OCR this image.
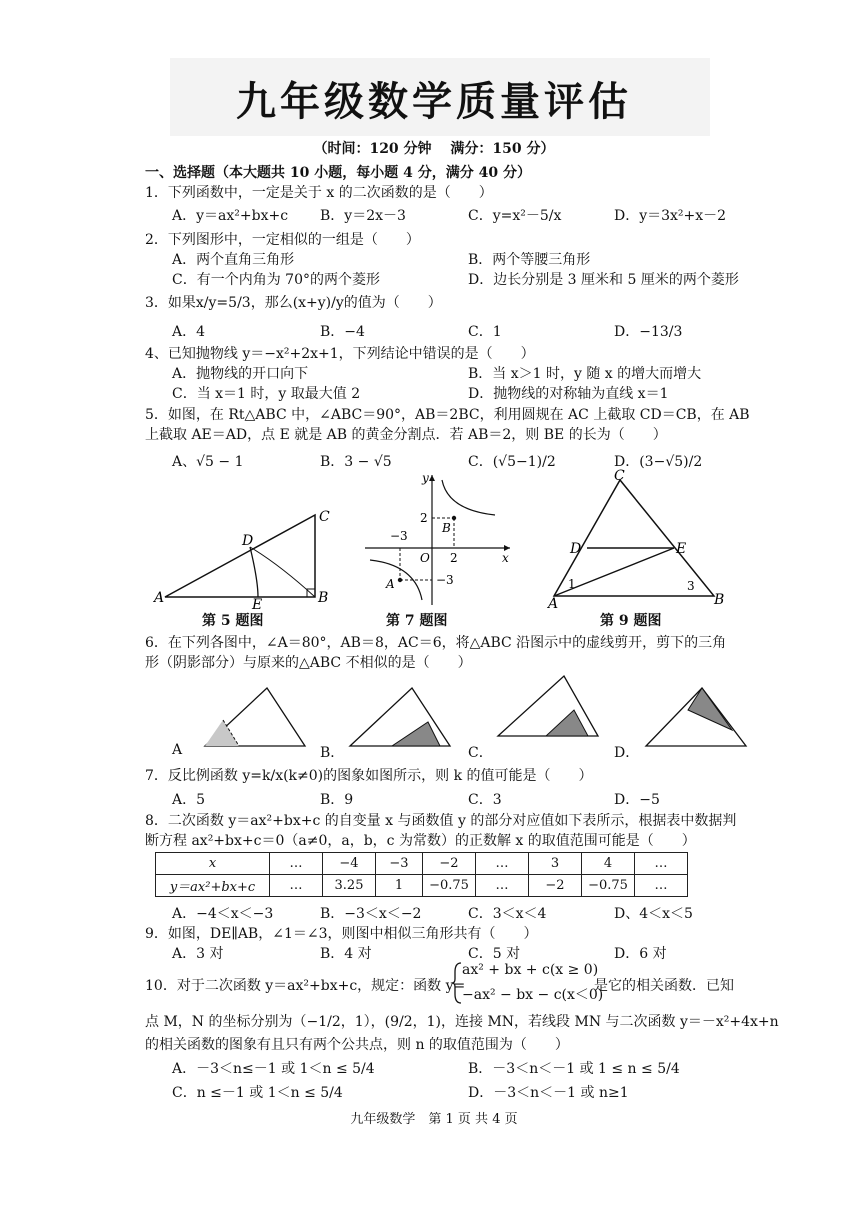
九年级数学质量评估
（时间：120 分钟　 满分：150 分）
一、选择题（本大题共 10 小题，每小题 4 分，满分 40 分）
1．下列函数中，一定是关于 x 的二次函数的是（　　）
A．y＝ax²+bx+c B．y＝2x－3	C．y=x²－5/x	D．y＝3x²+x－2
2．下列图形中，一定相似的一组是（　　）
A．两个直角三角形	B．两个等腰三角形
C．有一个内角为 70°的两个菱形	D．边长分别是 3 厘米和 5 厘米的两个菱形
3．如果x/y=5/3，那么(x+y)/y的值为（　　）
A．4	B．−4	C．1	D．−13/3
4、已知抛物线 y＝−x²+2x+1，下列结论中错误的是（　　）
A．抛物线的开口向下	B．当 x＞1 时，y 随 x 的增大而增大
C．当 x＝1 时，y 取最大值 2	D．抛物线的对称轴为直线 x＝1
5．如图，在 Rt△ABC 中，∠ABC＝90°，AB＝2BC，利用圆规在 AC 上截取 CD＝CB，在 AB
上截取 AE＝AD，点 E 就是 AB 的黄金分割点．若 AB＝2，则 BE 的长为（　　）
A、√5 − 1	B．3 − √5	C．(√5−1)/2	D．(3−√5)/2
A	B
C
D
E
第 5 题图
y
x
O
−3
2
2
−3
A
B
第 7 题图
A	B
C
D	E
1	3
第 9 题图
6．在下列各图中，∠A＝80°，AB＝8，AC＝6，将△ABC 沿图示中的虚线剪开，剪下的三角
形（阴影部分）与原来的△ABC 不相似的是（　　）
A	B．	C．	D．
7．反比例函数 y=k/x(k≠0)的图象如图所示，则 k 的值可能是（　　）
A．5	B．9	C．3	D．−5
8．二次函数 y＝ax²+bx+c 的自变量 x 与函数值 y 的部分对应值如下表所示，根据表中数据判
断方程 ax²+bx+c＝0（a≠0，a，b，c 为常数）的正数解 x 的取值范围可能是（　　）
x	…	−4	−3	−2	…	3	4	…
y＝ax²+bx+c	…	3.25	1	−0.75	…	−2	−0.75	…
A．−4＜x＜−3	B．−3＜x＜−2	C．3＜x＜4	D、4＜x＜5
9．如图，DE∥AB，∠1＝∠3，则图中相似三角形共有（　　）
A．3 对	B．4 对	C．5 对	D．6 对
10．对于二次函数 y＝ax²+bx+c，规定：函数 y=
ax² + bx + c(x ≥ 0)
−ax² − bx − c(x＜0)
是它的相关函数．已知
点 M，N 的坐标分别为（−1/2，1），(9/2，1)，连接 MN，若线段 MN 与二次函数 y＝－x²+4x+n
的相关函数的图象有且只有两个公共点，则 n 的取值范围为（　　）
A．－3＜n≤－1 或 1＜n ≤ 5/4	B．－3＜n＜－1 或 1 ≤ n ≤ 5/4
C．n ≤－1 或 1＜n ≤ 5/4	D．－3＜n＜－1 或 n≥1
九年级数学　第 1 页 共 4 页
